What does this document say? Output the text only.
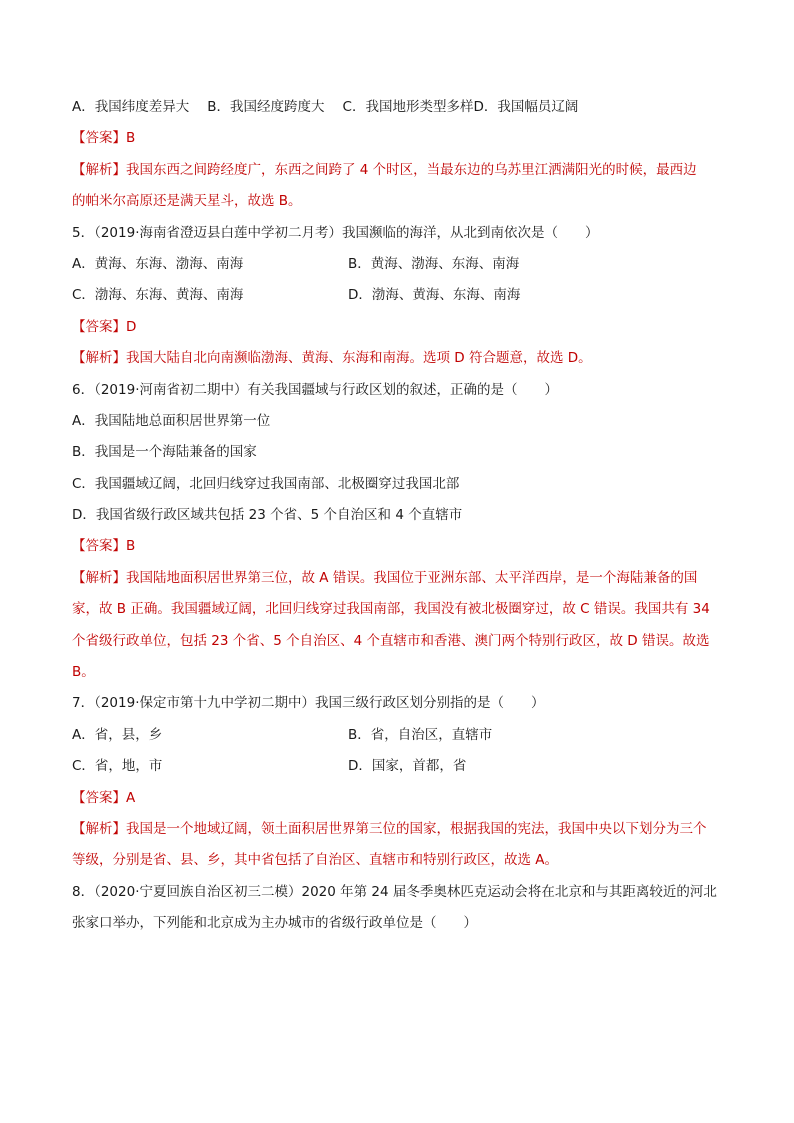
A．我国纬度差异大 B．我国经度跨度大 C．我国地形类型多样 D．我国幅员辽阔
【答案】B
【解析】我国东西之间跨经度广，东西之间跨了 4 个时区，当最东边的乌苏里江洒满阳光的时候，最西边
的帕米尔高原还是满天星斗，故选 B。
5．（2019·海南省澄迈县白莲中学初二月考）我国濒临的海洋，从北到南依次是（　　）
A．黄海、东海、渤海、南海	B．黄海、渤海、东海、南海
C．渤海、东海、黄海、南海	D．渤海、黄海、东海、南海
【答案】D
【解析】我国大陆自北向南濒临渤海、黄海、东海和南海。选项 D 符合题意，故选 D。
6．（2019·河南省初二期中）有关我国疆域与行政区划的叙述，正确的是（　　）
A．我国陆地总面积居世界第一位
B．我国是一个海陆兼备的国家
C．我国疆域辽阔，北回归线穿过我国南部、北极圈穿过我国北部
D．我国省级行政区域共包括 23 个省、5 个自治区和 4 个直辖市
【答案】B
【解析】我国陆地面积居世界第三位，故 A 错误。我国位于亚洲东部、太平洋西岸，是一个海陆兼备的国
家，故 B 正确。我国疆域辽阔，北回归线穿过我国南部，我国没有被北极圈穿过，故 C 错误。我国共有 34
个省级行政单位，包括 23 个省、5 个自治区、4 个直辖市和香港、澳门两个特别行政区，故 D 错误。故选
B。
7．（2019·保定市第十九中学初二期中）我国三级行政区划分别指的是（　　）
A．省，县，乡	B．省，自治区，直辖市
C．省，地，市	D．国家，首都，省
【答案】A
【解析】我国是一个地域辽阔，领土面积居世界第三位的国家，根据我国的宪法，我国中央以下划分为三个
等级，分别是省、县、乡，其中省包括了自治区、直辖市和特别行政区，故选 A。
8．（2020·宁夏回族自治区初三二模）2020 年第 24 届冬季奥林匹克运动会将在北京和与其距离较近的河北
张家口举办，下列能和北京成为主办城市的省级行政单位是（　　）
